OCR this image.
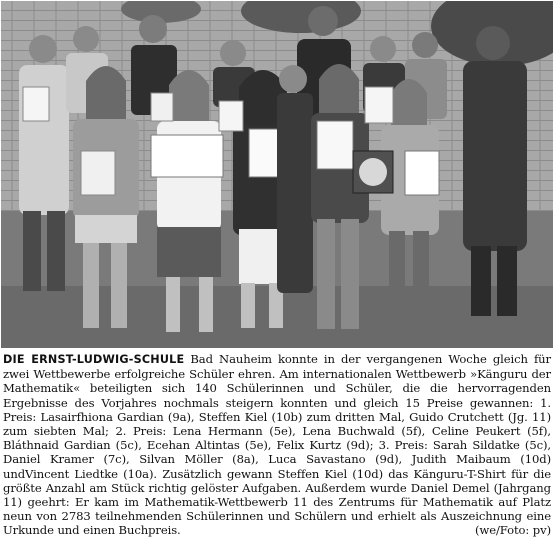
DIE ERNST-LUDWIG-SCHULE Bad Nauheim konnte in der vergangenen Woche gleich für zwei Wettbewerbe erfolgreiche Schüler ehren. Am internationalen Wettbewerb »Känguru der Mathematik« beteiligten sich 140 Schülerinnen und Schüler, die die hervorragenden Ergebnisse des Vorjahres nochmals steigern konnten und gleich 15 Preise gewannen: 1. Preis: Lasairfhiona Gardian (9a), Steffen Kiel (10b) zum dritten Mal, Guido Crutchett (Jg. 11) zum siebten Mal; 2. Preis: Lena Hermann (5e), Lena Buchwald (5f), Celine Peukert (5f), Bláthnaid Gardian (5c), Ecehan Altintas (5e), Felix Kurtz (9d); 3. Preis: Sarah Sildatke (5c), Daniel Kramer (7c), Silvan Möller (8a), Luca Savastano (9d), Judith Maibaum (10d) undVincent Liedtke (10a). Zusätzlich gewann Steffen Kiel (10d) das Känguru-T-Shirt für die größte Anzahl am Stück richtig gelöster Aufgaben. Außerdem wurde Daniel Demel (Jahrgang 11) geehrt: Er kam im Mathematik-Wettbewerb 11 des Zentrums für Mathematik auf Platz neun von 2783 teilnehmenden Schülerinnen und Schülern und erhielt als Auszeichnung eine Urkunde und einen Buchpreis.	(we/Foto: pv)
